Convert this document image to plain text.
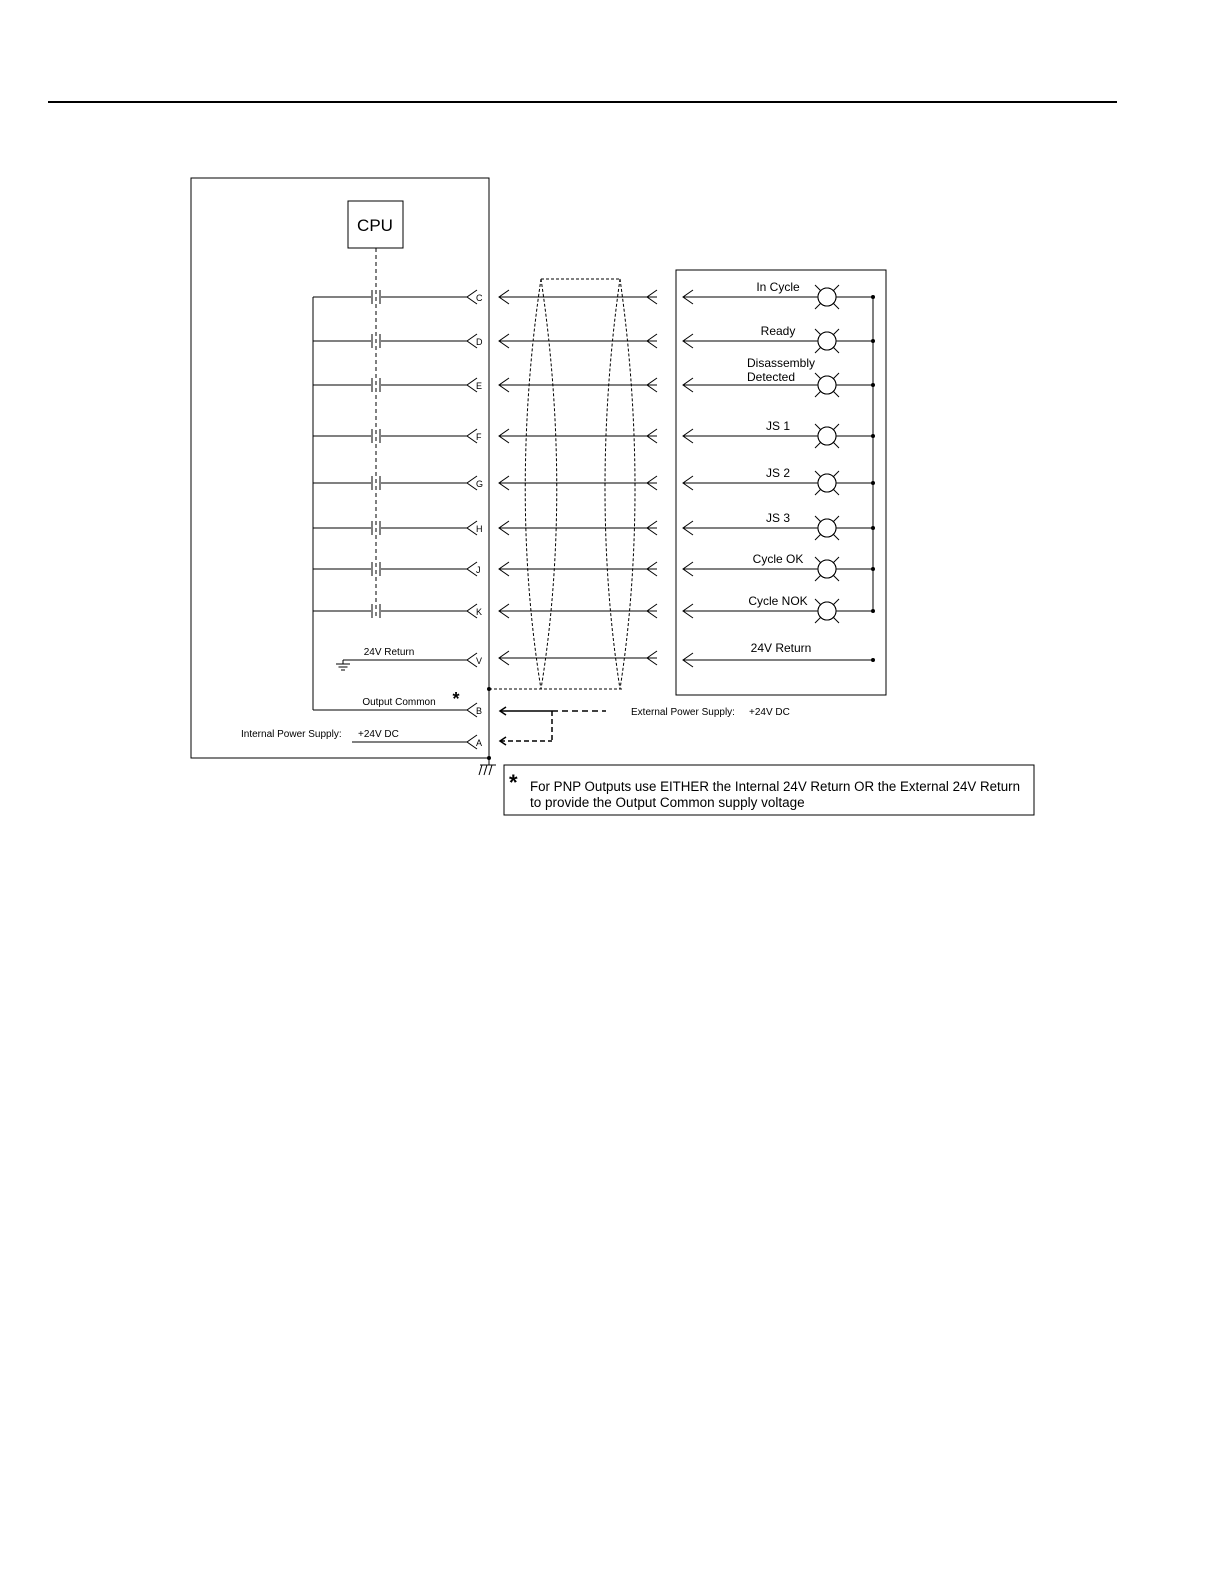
CPU
C
In Cycle
D
Ready
E
Disassembly
Detected
F
JS 1
G
JS 2
H
JS 3
J
Cycle OK
K
Cycle NOK
24V Return
V
Output Common *
B
Internal Power Supply: +24V DC
A
External Power Supply: +24V DC
24V Return
* For PNP Outputs use EITHER the Internal 24V Return OR the External 24V Return
to provide the Output Common supply voltage
